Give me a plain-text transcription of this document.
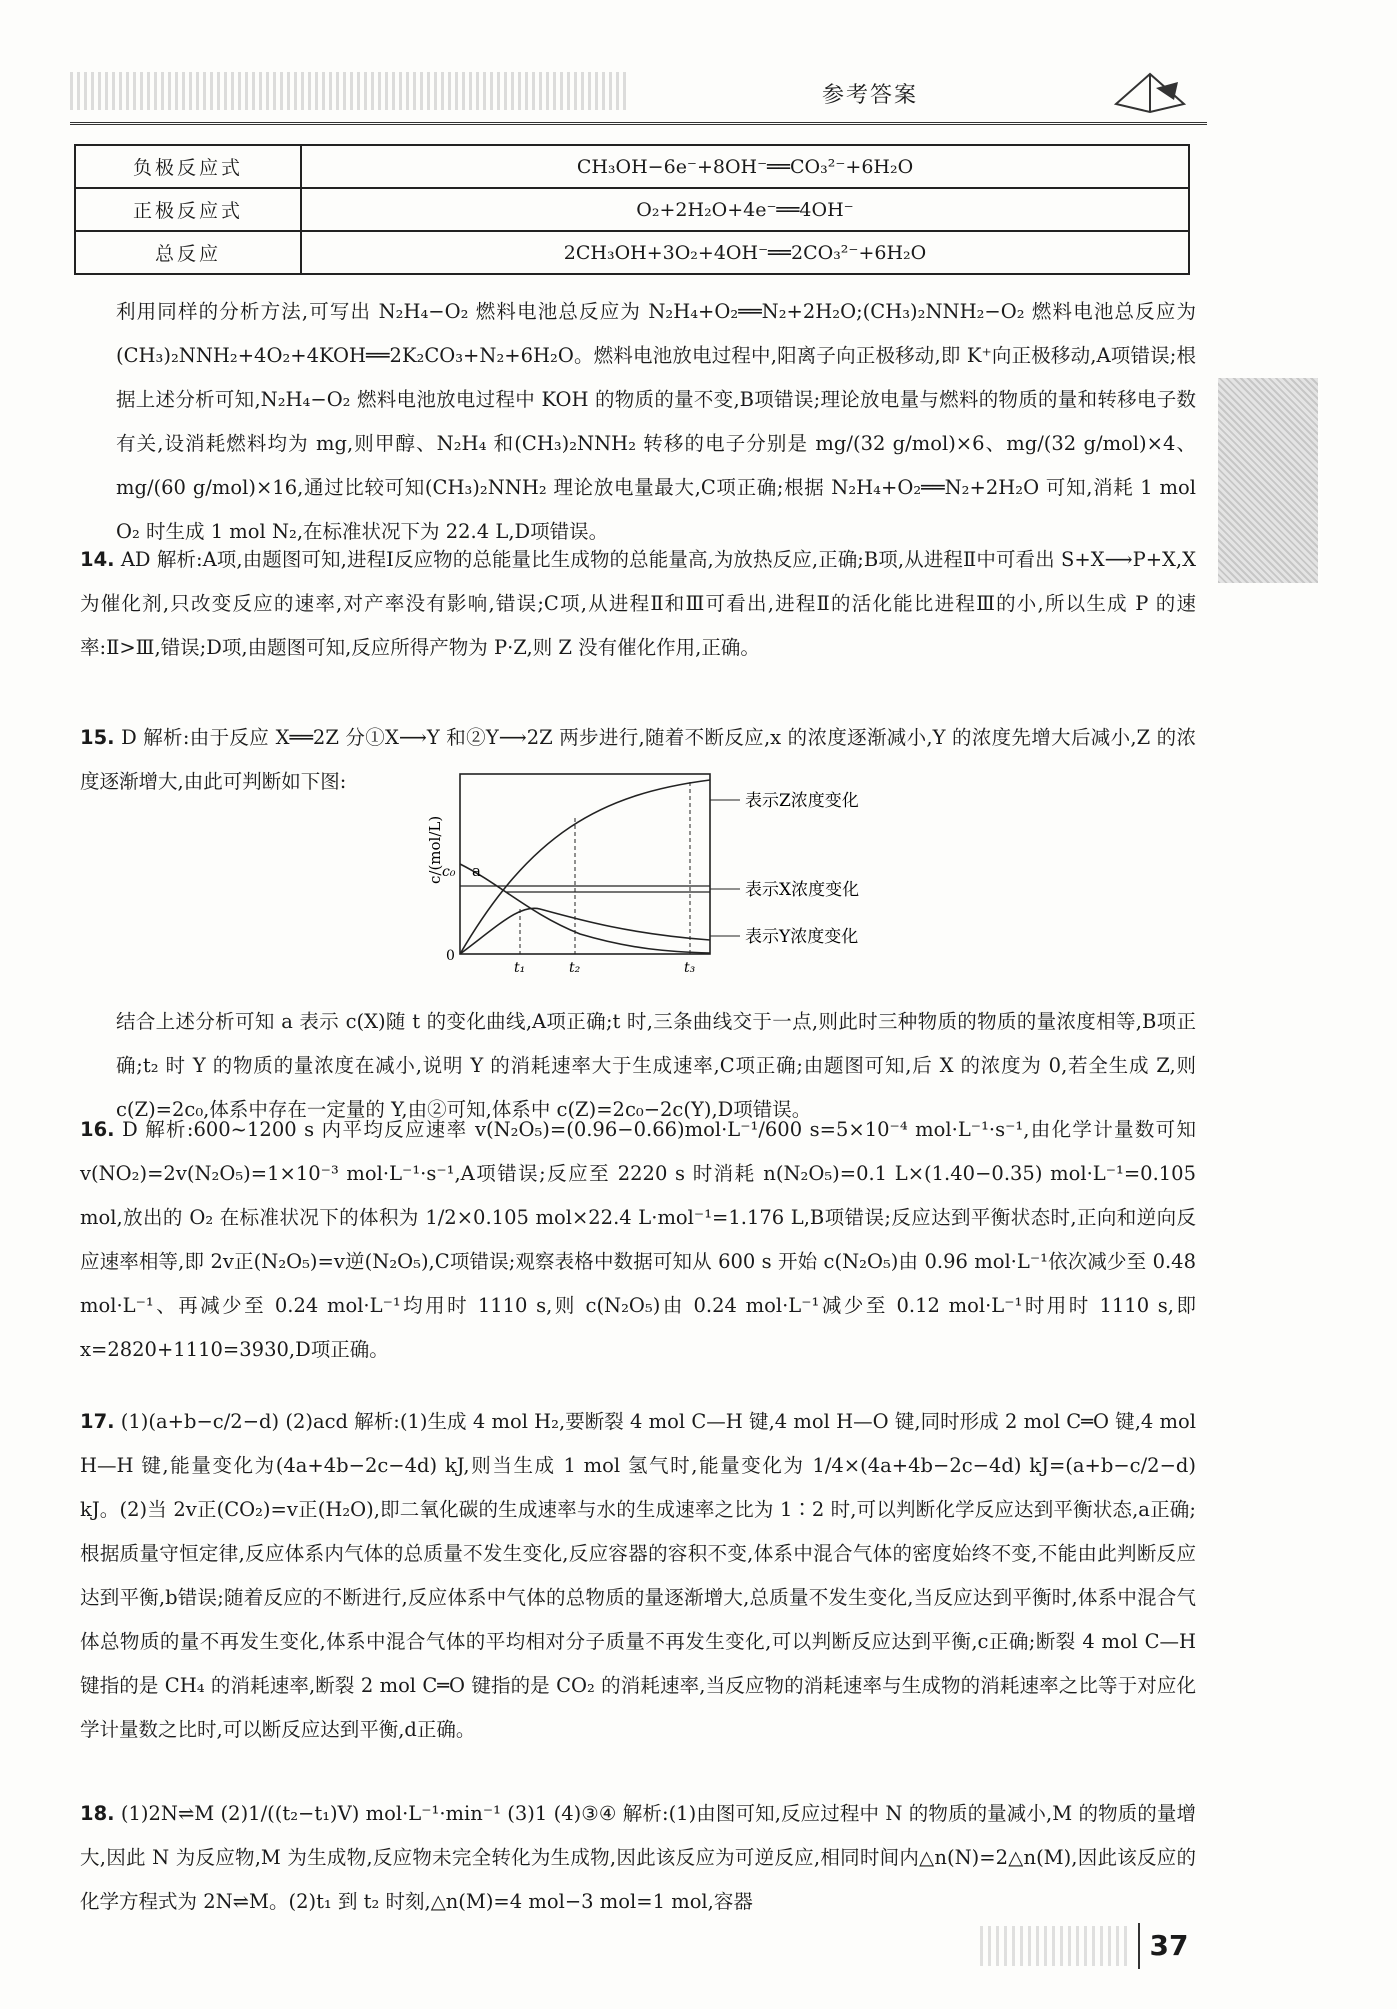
参考答案
负极反应式	CH₃OH−6e⁻+8OH⁻══CO₃²⁻+6H₂O
正极反应式	O₂+2H₂O+4e⁻══4OH⁻
总反应	2CH₃OH+3O₂+4OH⁻══2CO₃²⁻+6H₂O
利用同样的分析方法,可写出 N₂H₄−O₂ 燃料电池总反应为 N₂H₄+O₂══N₂+2H₂O;(CH₃)₂NNH₂−O₂ 燃料电池总反应为(CH₃)₂NNH₂+4O₂+4KOH══2K₂CO₃+N₂+6H₂O。燃料电池放电过程中,阳离子向正极移动,即 K⁺向正极移动,A项错误;根据上述分析可知,N₂H₄−O₂ 燃料电池放电过程中 KOH 的物质的量不变,B项错误;理论放电量与燃料的物质的量和转移电子数有关,设消耗燃料均为 mg,则甲醇、N₂H₄ 和(CH₃)₂NNH₂ 转移的电子分别是 mg/(32 g/mol)×6、mg/(32 g/mol)×4、mg/(60 g/mol)×16,通过比较可知(CH₃)₂NNH₂ 理论放电量最大,C项正确;根据 N₂H₄+O₂══N₂+2H₂O 可知,消耗 1 mol O₂ 时生成 1 mol N₂,在标准状况下为 22.4 L,D项错误。
14. AD 解析:A项,由题图可知,进程Ⅰ反应物的总能量比生成物的总能量高,为放热反应,正确;B项,从进程Ⅱ中可看出 S+X⟶P+X,X为催化剂,只改变反应的速率,对产率没有影响,错误;C项,从进程Ⅱ和Ⅲ可看出,进程Ⅱ的活化能比进程Ⅲ的小,所以生成 P 的速率:Ⅱ>Ⅲ,错误;D项,由题图可知,反应所得产物为 P·Z,则 Z 没有催化作用,正确。
15. D 解析:由于反应 X══2Z 分①X⟶Y 和②Y⟶2Z 两步进行,随着不断反应,x 的浓度逐渐减小,Y 的浓度先增大后减小,Z 的浓度逐渐增大,由此可判断如下图:
c/(mol/L)
c₀
0
a
t₁	t₂	t₃
表示Z浓度变化
表示X浓度变化
表示Y浓度变化
结合上述分析可知 a 表示 c(X)随 t 的变化曲线,A项正确;t 时,三条曲线交于一点,则此时三种物质的物质的量浓度相等,B项正确;t₂ 时 Y 的物质的量浓度在减小,说明 Y 的消耗速率大于生成速率,C项正确;由题图可知,后 X 的浓度为 0,若全生成 Z,则 c(Z)=2c₀,体系中存在一定量的 Y,由②可知,体系中 c(Z)=2c₀−2c(Y),D项错误。
16. D 解析:600~1200 s 内平均反应速率 v(N₂O₅)=(0.96−0.66)mol·L⁻¹/600 s=5×10⁻⁴ mol·L⁻¹·s⁻¹,由化学计量数可知 v(NO₂)=2v(N₂O₅)=1×10⁻³ mol·L⁻¹·s⁻¹,A项错误;反应至 2220 s 时消耗 n(N₂O₅)=0.1 L×(1.40−0.35) mol·L⁻¹=0.105 mol,放出的 O₂ 在标准状况下的体积为 1/2×0.105 mol×22.4 L·mol⁻¹=1.176 L,B项错误;反应达到平衡状态时,正向和逆向反应速率相等,即 2v正(N₂O₅)=v逆(N₂O₅),C项错误;观察表格中数据可知从 600 s 开始 c(N₂O₅)由 0.96 mol·L⁻¹依次减少至 0.48 mol·L⁻¹、再减少至 0.24 mol·L⁻¹均用时 1110 s,则 c(N₂O₅)由 0.24 mol·L⁻¹减少至 0.12 mol·L⁻¹时用时 1110 s,即 x=2820+1110=3930,D项正确。
17. (1)(a+b−c/2−d) (2)acd 解析:(1)生成 4 mol H₂,要断裂 4 mol C—H 键,4 mol H—O 键,同时形成 2 mol C═O 键,4 mol H—H 键,能量变化为(4a+4b−2c−4d) kJ,则当生成 1 mol 氢气时,能量变化为 1/4×(4a+4b−2c−4d) kJ=(a+b−c/2−d) kJ。(2)当 2v正(CO₂)=v正(H₂O),即二氧化碳的生成速率与水的生成速率之比为 1∶2 时,可以判断化学反应达到平衡状态,a正确;根据质量守恒定律,反应体系内气体的总质量不发生变化,反应容器的容积不变,体系中混合气体的密度始终不变,不能由此判断反应达到平衡,b错误;随着反应的不断进行,反应体系中气体的总物质的量逐渐增大,总质量不发生变化,当反应达到平衡时,体系中混合气体总物质的量不再发生变化,体系中混合气体的平均相对分子质量不再发生变化,可以判断反应达到平衡,c正确;断裂 4 mol C—H 键指的是 CH₄ 的消耗速率,断裂 2 mol C═O 键指的是 CO₂ 的消耗速率,当反应物的消耗速率与生成物的消耗速率之比等于对应化学计量数之比时,可以断反应达到平衡,d正确。
18. (1)2N⇌M (2)1/((t₂−t₁)V) mol·L⁻¹·min⁻¹ (3)1 (4)③④ 解析:(1)由图可知,反应过程中 N 的物质的量减小,M 的物质的量增大,因此 N 为反应物,M 为生成物,反应物未完全转化为生成物,因此该反应为可逆反应,相同时间内△n(N)=2△n(M),因此该反应的化学方程式为 2N⇌M。(2)t₁ 到 t₂ 时刻,△n(M)=4 mol−3 mol=1 mol,容器
37
